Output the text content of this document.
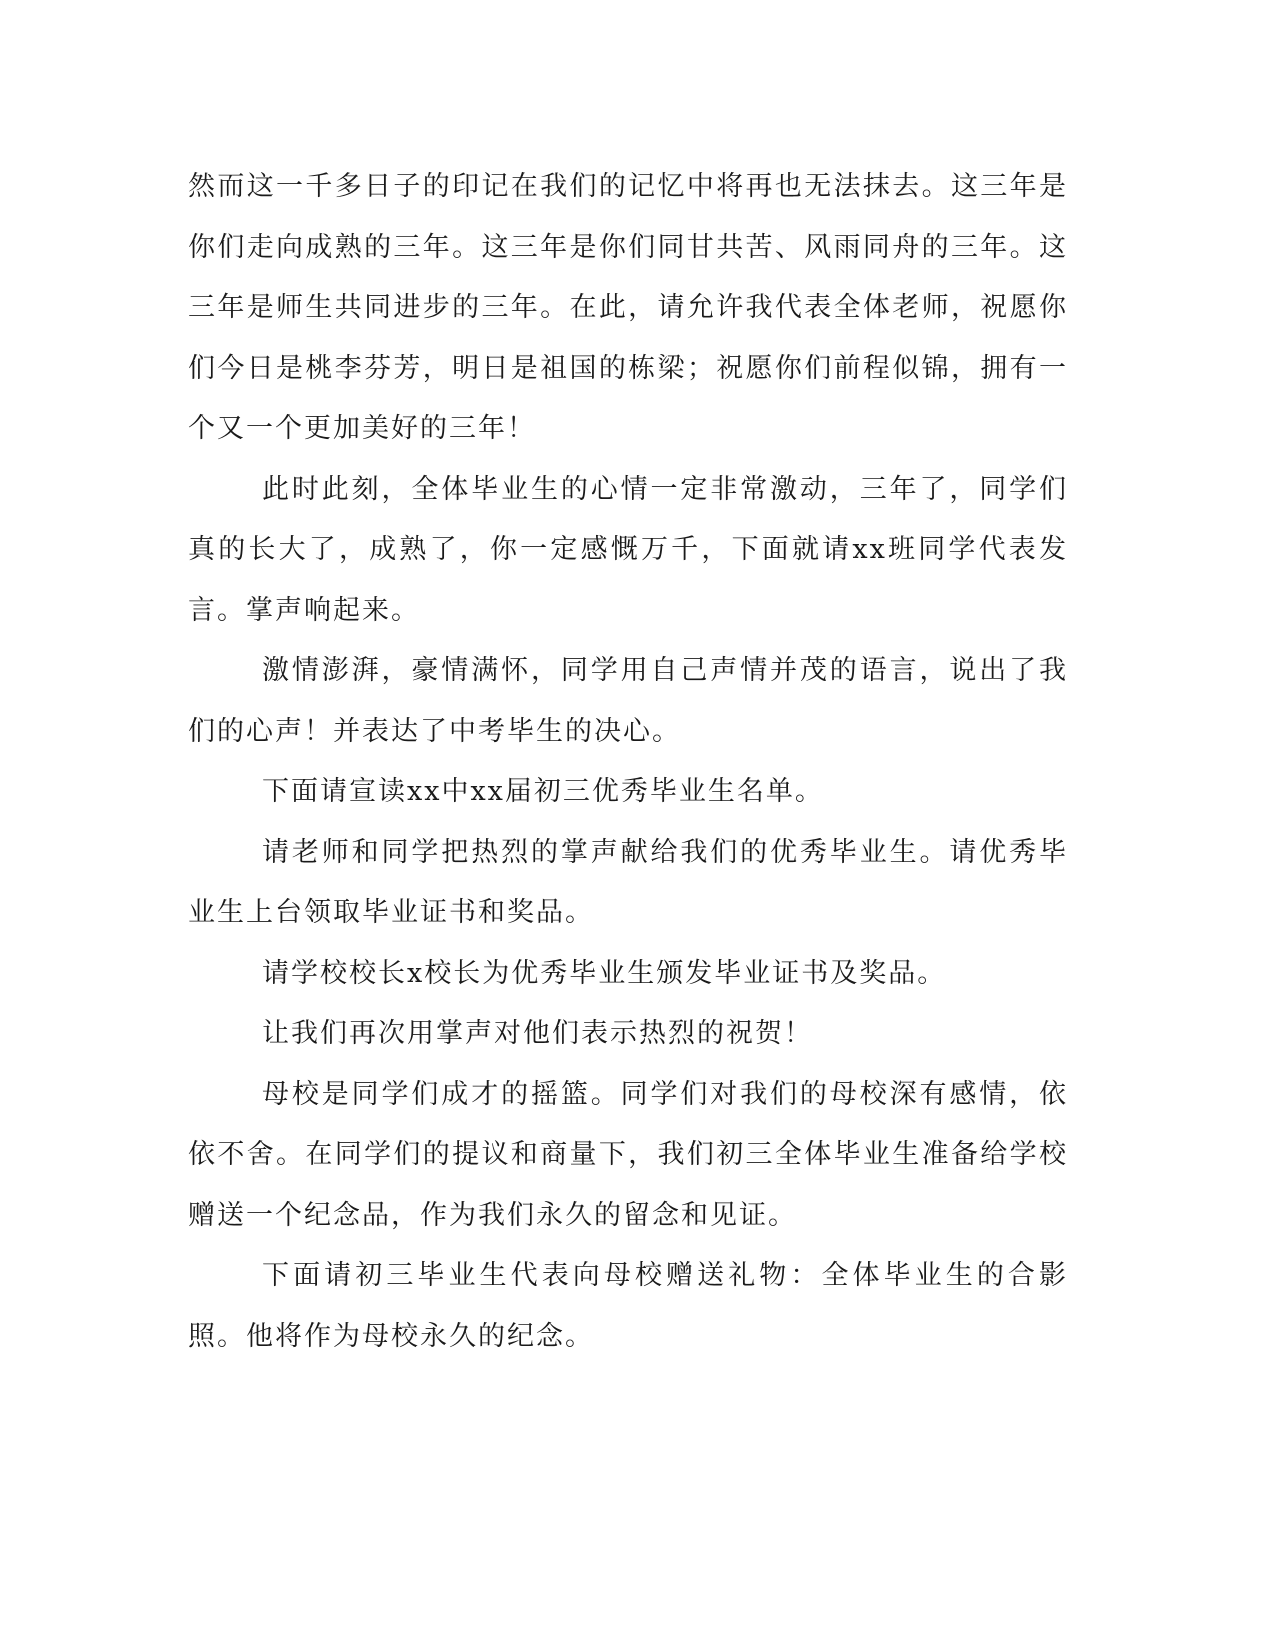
然而这一千多日子的印记在我们的记忆中将再也无法抹去。这三年是你们走向成熟的三年。这三年是你们同甘共苦、风雨同舟的三年。这三年是师生共同进步的三年。在此，请允许我代表全体老师，祝愿你们今日是桃李芬芳，明日是祖国的栋梁；祝愿你们前程似锦，拥有一个又一个更加美好的三年！

此时此刻，全体毕业生的心情一定非常激动，三年了，同学们真的长大了，成熟了，你一定感慨万千，下面就请xx班同学代表发言。掌声响起来。

激情澎湃，豪情满怀，同学用自己声情并茂的语言，说出了我们的心声！并表达了中考毕生的决心。

下面请宣读xx中xx届初三优秀毕业生名单。

请老师和同学把热烈的掌声献给我们的优秀毕业生。请优秀毕业生上台领取毕业证书和奖品。

请学校校长x校长为优秀毕业生颁发毕业证书及奖品。

让我们再次用掌声对他们表示热烈的祝贺！

母校是同学们成才的摇篮。同学们对我们的母校深有感情，依依不舍。在同学们的提议和商量下，我们初三全体毕业生准备给学校赠送一个纪念品，作为我们永久的留念和见证。

下面请初三毕业生代表向母校赠送礼物：全体毕业生的合影照。他将作为母校永久的纪念。
